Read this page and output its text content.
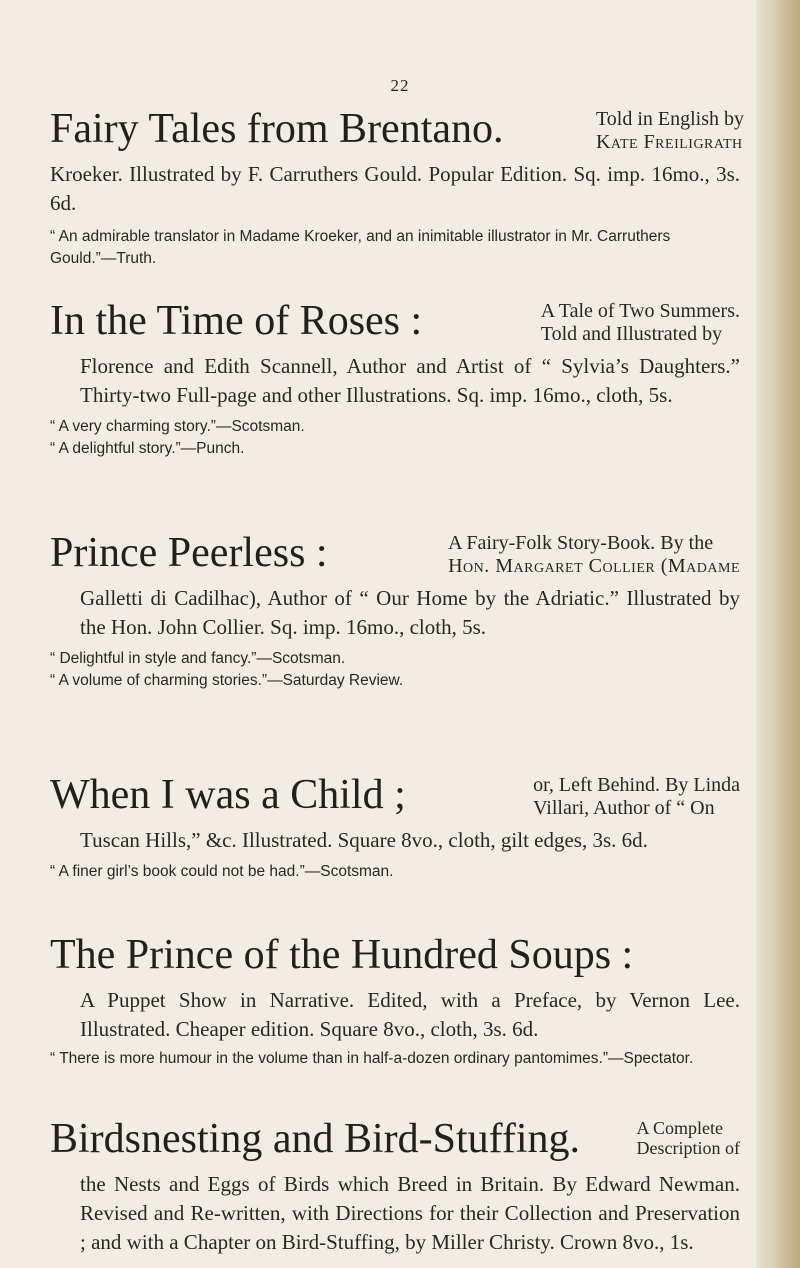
22
Fairy Tales from Brentano.	Told in English by
Kate Freiligrath

Kroeker. Illustrated by F. Carruthers Gould. Popular Edition. Sq. imp. 16mo., 3s. 6d.

“ An admirable translator in Madame Kroeker, and an inimitable illustrator in Mr. Carruthers Gould.”—Truth.

In the Time of Roses :	A Tale of Two Summers.
Told and Illustrated by

Florence and Edith Scannell, Author and Artist of “ Sylvia’s Daughters.” Thirty-two Full-page and other Illustrations. Sq. imp. 16mo., cloth, 5s.

“ A very charming story.”—Scotsman.

“ A delightful story.”—Punch.

Prince Peerless :	A Fairy-Folk Story-Book. By the
Hon. Margaret Collier (Madame

Galletti di Cadilhac), Author of “ Our Home by the Adriatic.” Illustrated by the Hon. John Collier. Sq. imp. 16mo., cloth, 5s.

“ Delightful in style and fancy.”—Scotsman.

“ A volume of charming stories.”—Saturday Review.

When I was a Child ;	or, Left Behind. By Linda
Villari, Author of “ On

Tuscan Hills,” &c. Illustrated. Square 8vo., cloth, gilt edges, 3s. 6d.

“ A finer girl’s book could not be had.”—Scotsman.

The Prince of the Hundred Soups :

A Puppet Show in Narrative. Edited, with a Preface, by Vernon Lee. Illustrated. Cheaper edition. Square 8vo., cloth, 3s. 6d.

“ There is more humour in the volume than in half-a-dozen ordinary pantomimes.”—Spectator.

Birdsnesting and Bird-Stuffing.	A Complete
Description of

the Nests and Eggs of Birds which Breed in Britain. By Edward Newman. Revised and Re-written, with Directions for their Collection and Preservation ; and with a Chapter on Bird-Stuffing, by Miller Christy. Crown 8vo., 1s.
